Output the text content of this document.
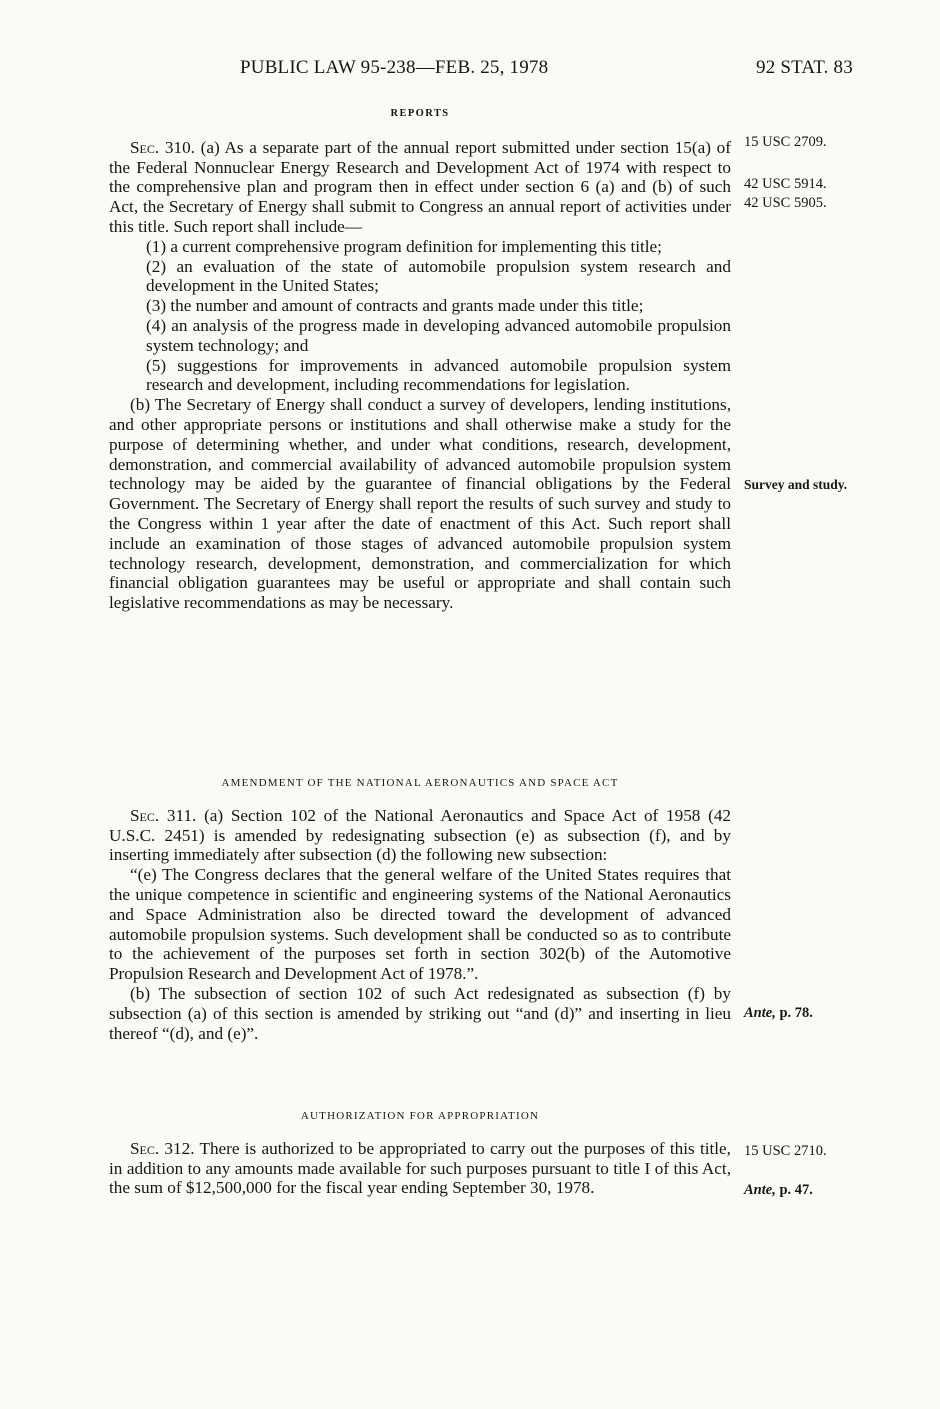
PUBLIC LAW 95-238—FEB. 25, 1978	92 STAT. 83
REPORTS

Sec. 310. (a) As a separate part of the annual report submitted under section 15(a) of the Federal Nonnuclear Energy Research and Development Act of 1974 with respect to the comprehensive plan and program then in effect under section 6 (a) and (b) of such Act, the Secretary of Energy shall submit to Congress an annual report of activities under this title. Such report shall include—

(1) a current comprehensive program definition for implementing this title;

(2) an evaluation of the state of automobile propulsion system research and development in the United States;

(3) the number and amount of contracts and grants made under this title;

(4) an analysis of the progress made in developing advanced automobile propulsion system technology; and

(5) suggestions for improvements in advanced automobile propulsion system research and development, including recommendations for legislation.

(b) The Secretary of Energy shall conduct a survey of developers, lending institutions, and other appropriate persons or institutions and shall otherwise make a study for the purpose of determining whether, and under what conditions, research, development, demonstration, and commercial availability of advanced automobile propulsion system technology may be aided by the guarantee of financial obligations by the Federal Government. The Secretary of Energy shall report the results of such survey and study to the Congress within 1 year after the date of enactment of this Act. Such report shall include an examination of those stages of advanced automobile propulsion system technology research, development, demonstration, and commercialization for which financial obligation guarantees may be useful or appropriate and shall contain such legislative recommendations as may be necessary.

AMENDMENT OF THE NATIONAL AERONAUTICS AND SPACE ACT

Sec. 311. (a) Section 102 of the National Aeronautics and Space Act of 1958 (42 U.S.C. 2451) is amended by redesignating subsection (e) as subsection (f), and by inserting immediately after subsection (d) the following new subsection:

“(e) The Congress declares that the general welfare of the United States requires that the unique competence in scientific and engineering systems of the National Aeronautics and Space Administration also be directed toward the development of advanced automobile propulsion systems. Such development shall be conducted so as to contribute to the achievement of the purposes set forth in section 302(b) of the Automotive Propulsion Research and Development Act of 1978.”.

(b) The subsection of section 102 of such Act redesignated as subsection (f) by subsection (a) of this section is amended by striking out “and (d)” and inserting in lieu thereof “(d), and (e)”.

AUTHORIZATION FOR APPROPRIATION

Sec. 312. There is authorized to be appropriated to carry out the purposes of this title, in addition to any amounts made available for such purposes pursuant to title I of this Act, the sum of $12,500,000 for the fiscal year ending September 30, 1978.

15 USC 2709.
42 USC 5914.
42 USC 5905.
Survey and study.
Ante, p. 78.
15 USC 2710.
Ante, p. 47.
